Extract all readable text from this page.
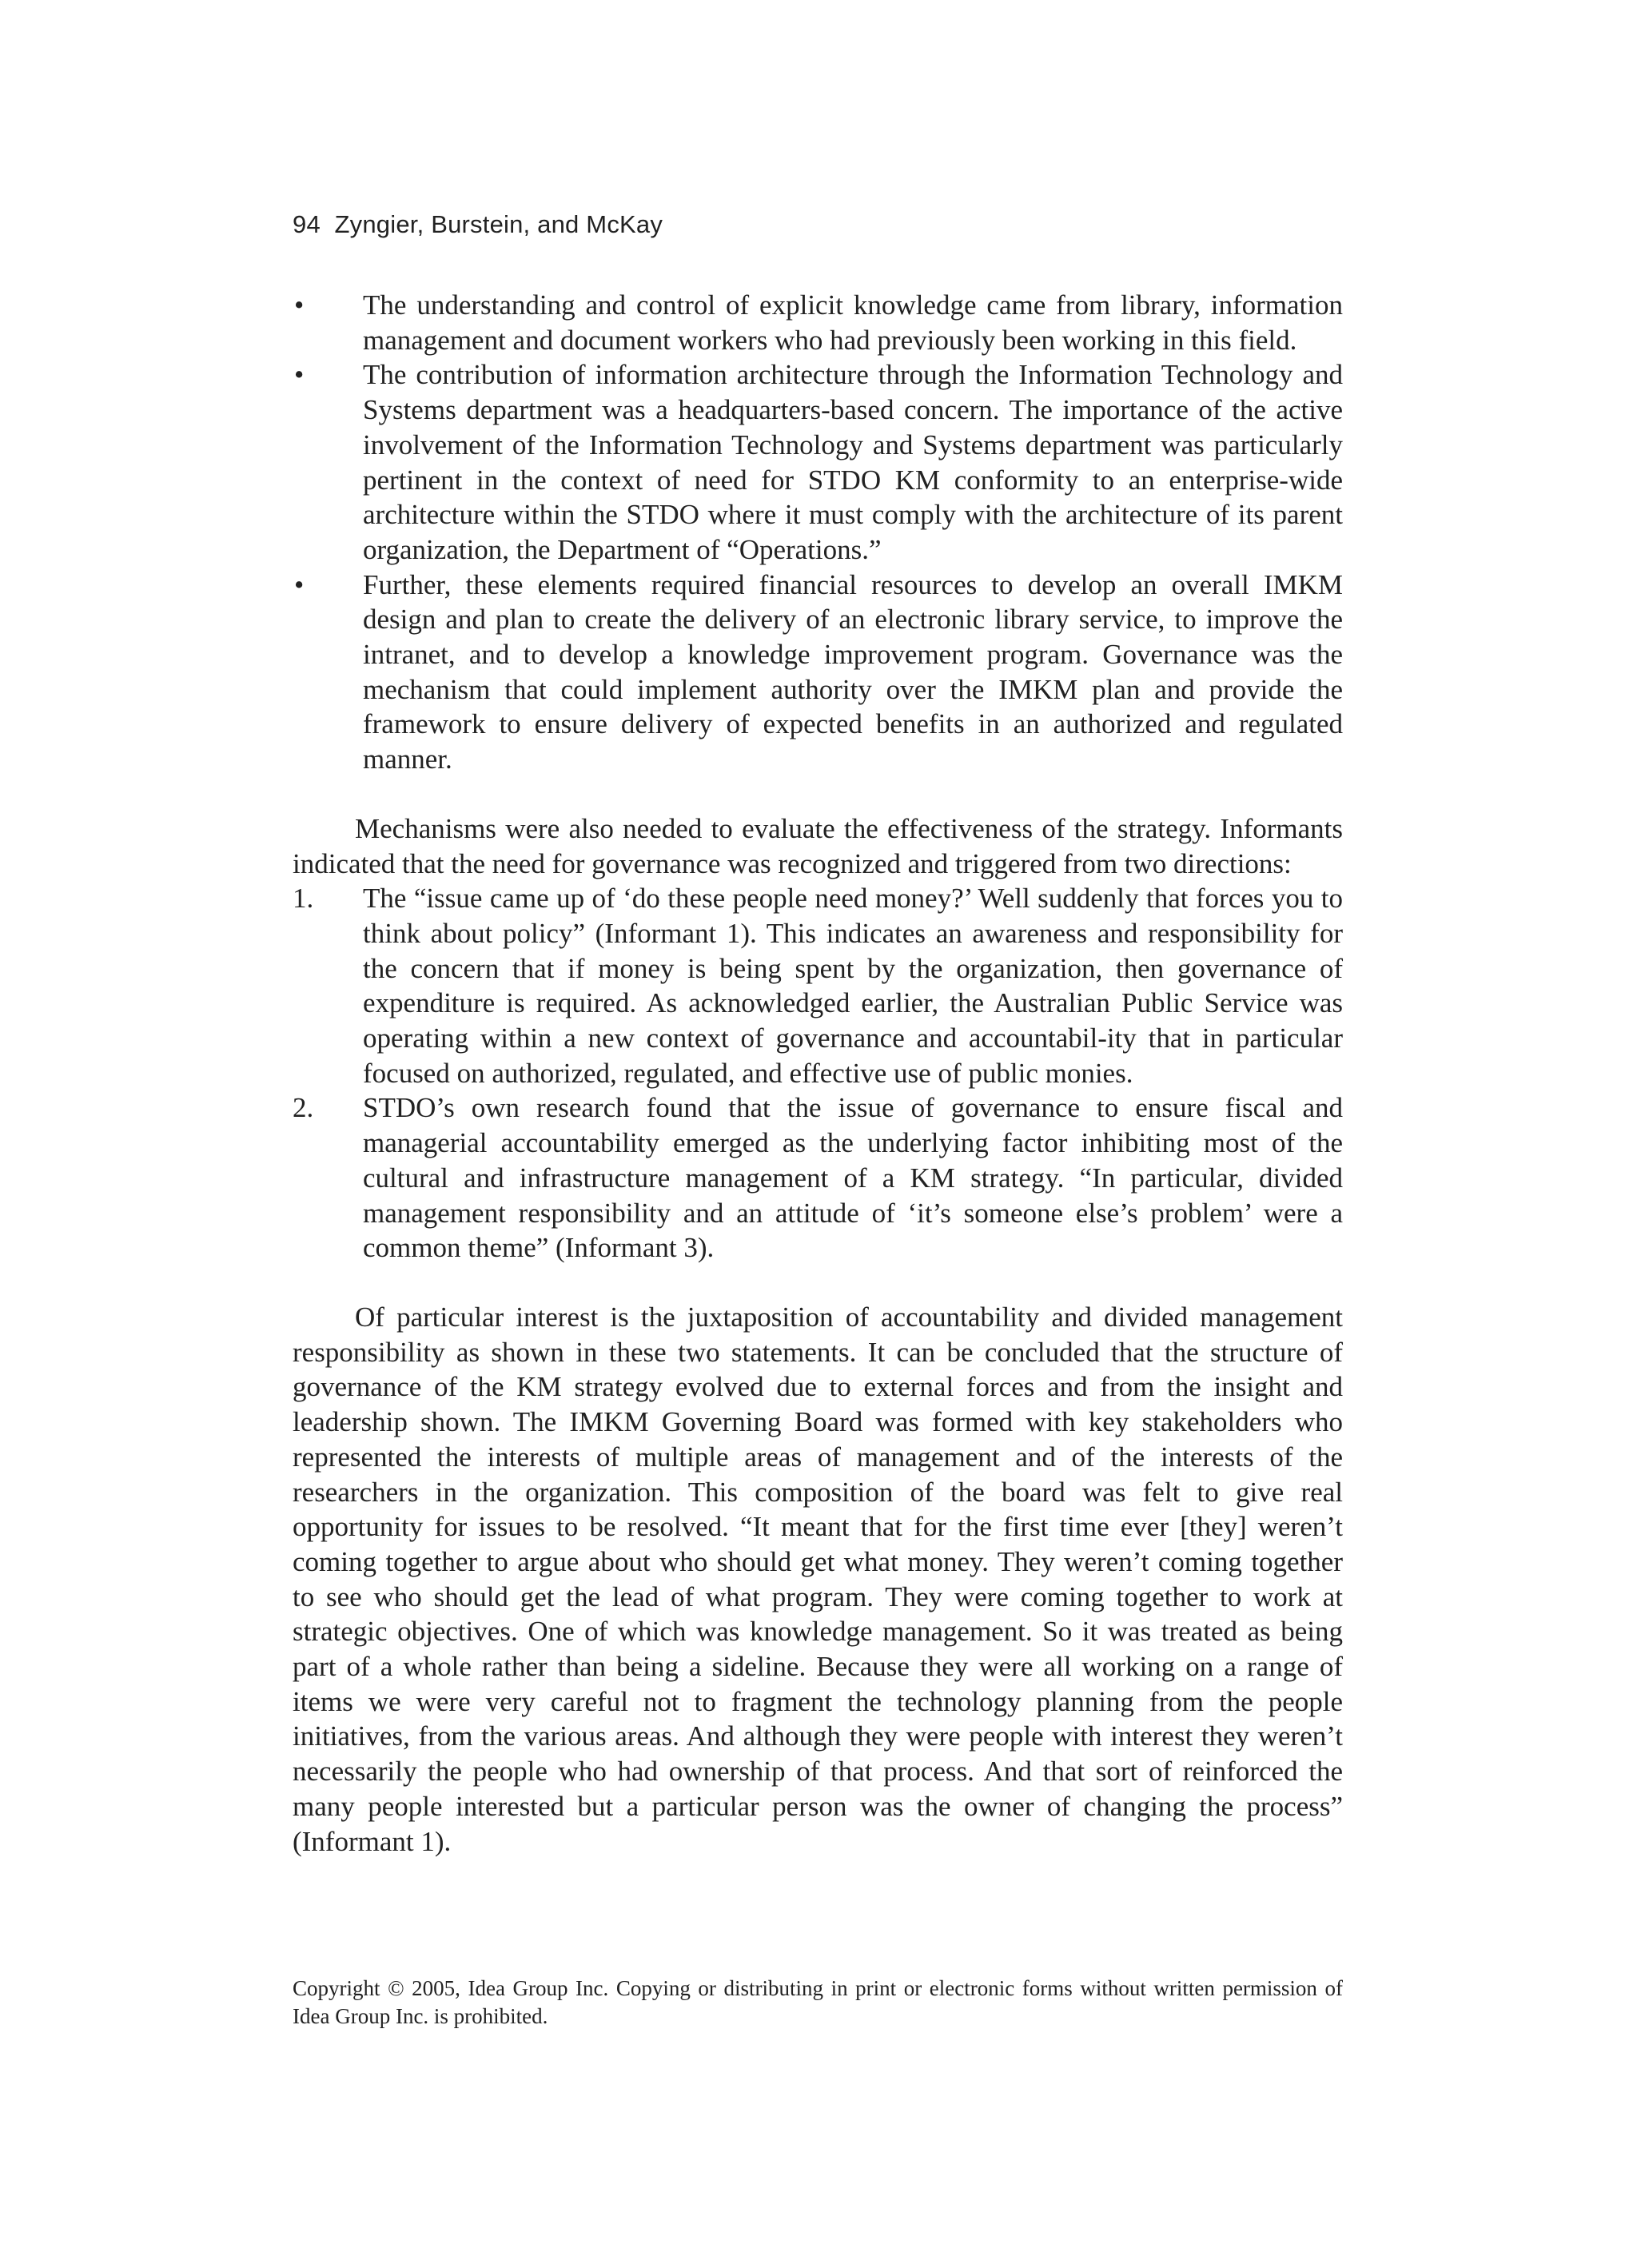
94 Zyngier, Burstein, and McKay
• The understanding and control of explicit knowledge came from library, information management and document workers who had previously been working in this field.
• The contribution of information architecture through the Information Technology and Systems department was a headquarters-based concern. The importance of the active involvement of the Information Technology and Systems department was particularly pertinent in the context of need for STDO KM conformity to an enterprise-wide architecture within the STDO where it must comply with the architecture of its parent organization, the Department of “Operations.”
• Further, these elements required financial resources to develop an overall IMKM design and plan to create the delivery of an electronic library service, to improve the intranet, and to develop a knowledge improvement program. Governance was the mechanism that could implement authority over the IMKM plan and provide the framework to ensure delivery of expected benefits in an authorized and regulated manner.

Mechanisms were also needed to evaluate the effectiveness of the strategy. Informants indicated that the need for governance was recognized and triggered from two directions:

1. The “issue came up of ‘do these people need money?’ Well suddenly that forces you to think about policy” (Informant 1). This indicates an awareness and responsibility for the concern that if money is being spent by the organization, then governance of expenditure is required. As acknowledged earlier, the Australian Public Service was operating within a new context of governance and accountabil-ity that in particular focused on authorized, regulated, and effective use of public monies.
2. STDO’s own research found that the issue of governance to ensure fiscal and managerial accountability emerged as the underlying factor inhibiting most of the cultural and infrastructure management of a KM strategy. “In particular, divided management responsibility and an attitude of ‘it’s someone else’s problem’ were a common theme” (Informant 3).

Of particular interest is the juxtaposition of accountability and divided management responsibility as shown in these two statements. It can be concluded that the structure of governance of the KM strategy evolved due to external forces and from the insight and leadership shown. The IMKM Governing Board was formed with key stakeholders who represented the interests of multiple areas of management and of the interests of the researchers in the organization. This composition of the board was felt to give real opportunity for issues to be resolved. “It meant that for the first time ever [they] weren’t coming together to argue about who should get what money. They weren’t coming together to see who should get the lead of what program. They were coming together to work at strategic objectives. One of which was knowledge management. So it was treated as being part of a whole rather than being a sideline. Because they were all working on a range of items we were very careful not to fragment the technology planning from the people initiatives, from the various areas. And although they were people with interest they weren’t necessarily the people who had ownership of that process. And that sort of reinforced the many people interested but a particular person was the owner of changing the process” (Informant 1).

Copyright © 2005, Idea Group Inc. Copying or distributing in print or electronic forms without written permission of Idea Group Inc. is prohibited.
